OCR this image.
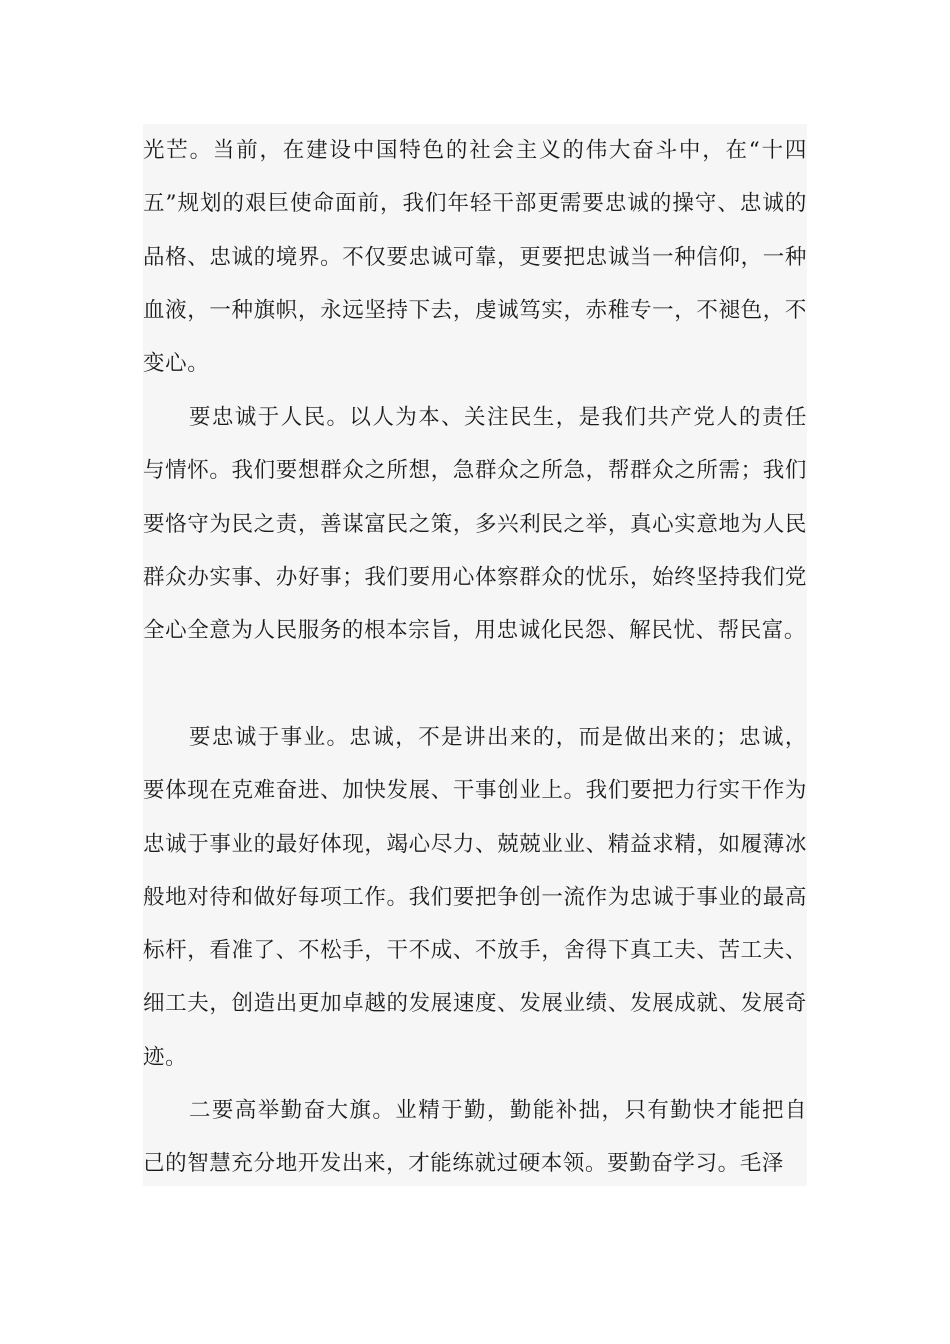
光芒。当前，在建设中国特色的社会主义的伟大奋斗中，在“十四五”规划的艰巨使命面前，我们年轻干部更需要忠诚的操守、忠诚的品格、忠诚的境界。不仅要忠诚可靠，更要把忠诚当一种信仰，一种血液，一种旗帜，永远坚持下去，虔诚笃实，赤稚专一，不褪色，不变心。

要忠诚于人民。以人为本、关注民生，是我们共产党人的责任与情怀。我们要想群众之所想，急群众之所急，帮群众之所需；我们要恪守为民之责，善谋富民之策，多兴利民之举，真心实意地为人民群众办实事、办好事；我们要用心体察群众的忧乐，始终坚持我们党全心全意为人民服务的根本宗旨，用忠诚化民怨、解民忧、帮民富。

要忠诚于事业。忠诚，不是讲出来的，而是做出来的；忠诚，要体现在克难奋进、加快发展、干事创业上。我们要把力行实干作为忠诚于事业的最好体现，竭心尽力、兢兢业业、精益求精，如履薄冰般地对待和做好每项工作。我们要把争创一流作为忠诚于事业的最高标杆，看准了、不松手，干不成、不放手，舍得下真工夫、苦工夫、细工夫，创造出更加卓越的发展速度、发展业绩、发展成就、发展奇迹。

二要高举勤奋大旗。业精于勤，勤能补拙，只有勤快才能把自己的智慧充分地开发出来，才能练就过硬本领。要勤奋学习。毛泽
